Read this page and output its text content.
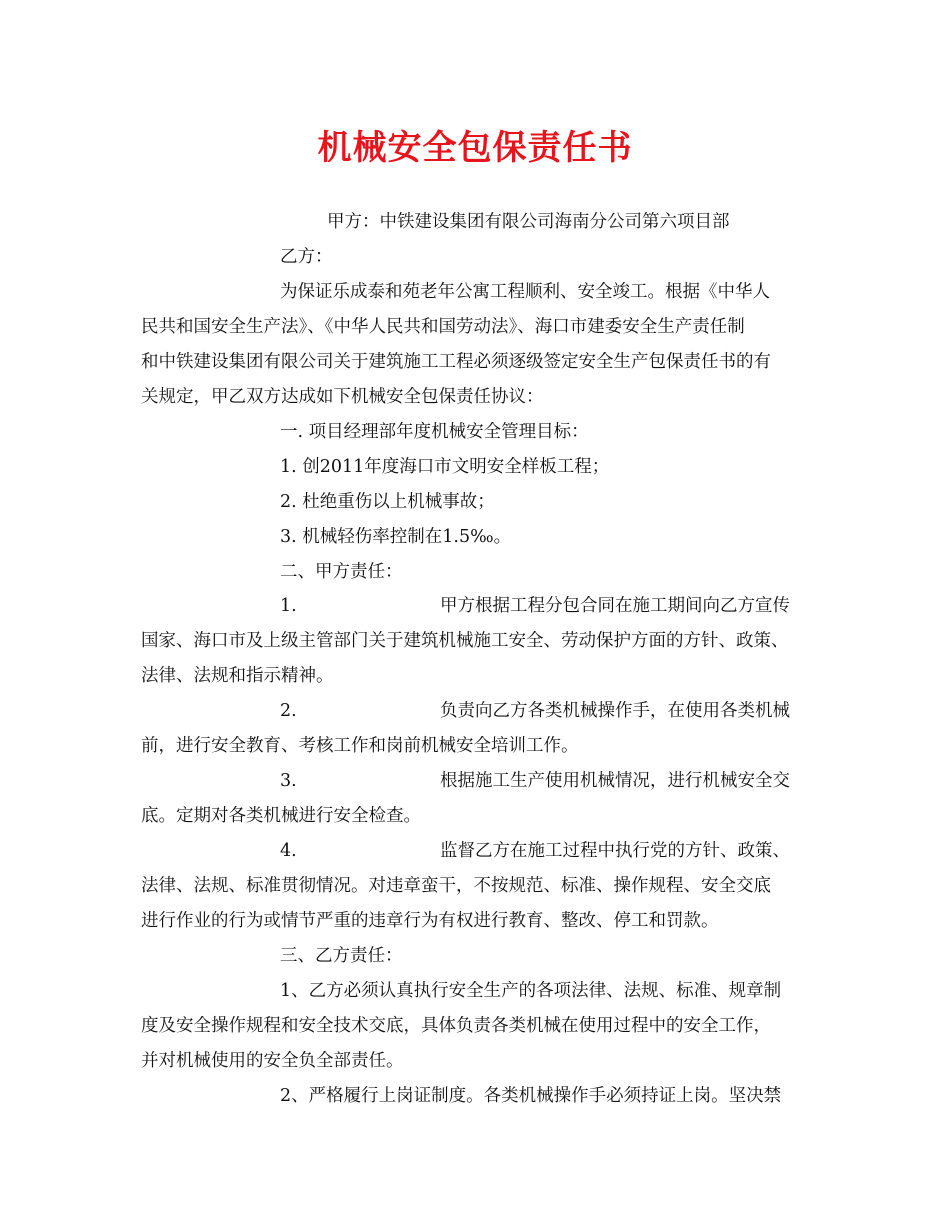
机械安全包保责任书
甲方：中铁建设集团有限公司海南分公司第六项目部
乙方：
为保证乐成泰和苑老年公寓工程顺利、安全竣工。根据《中华人
民共和国安全生产法》、《中华人民共和国劳动法》、海口市建委安全生产责任制
和中铁建设集团有限公司关于建筑施工工程必须逐级签定安全生产包保责任书的有
关规定，甲乙双方达成如下机械安全包保责任协议：
一. 项目经理部年度机械安全管理目标：
1. 创2011年度海口市文明安全样板工程；
2. 杜绝重伤以上机械事故；
3. 机械轻伤率控制在1.5‰。
二、甲方责任：
1.	甲方根据工程分包合同在施工期间向乙方宣传
国家、海口市及上级主管部门关于建筑机械施工安全、劳动保护方面的方针、政策、
法律、法规和指示精神。
2.	负责向乙方各类机械操作手，在使用各类机械
前，进行安全教育、考核工作和岗前机械安全培训工作。
3.	根据施工生产使用机械情况，进行机械安全交
底。定期对各类机械进行安全检查。
4.	监督乙方在施工过程中执行党的方针、政策、
法律、法规、标准贯彻情况。对违章蛮干，不按规范、标准、操作规程、安全交底
进行作业的行为或情节严重的违章行为有权进行教育、整改、停工和罚款。
三、乙方责任：
1、乙方必须认真执行安全生产的各项法律、法规、标准、规章制
度及安全操作规程和安全技术交底，具体负责各类机械在使用过程中的安全工作，
并对机械使用的安全负全部责任。
2、严格履行上岗证制度。各类机械操作手必须持证上岗。坚决禁
